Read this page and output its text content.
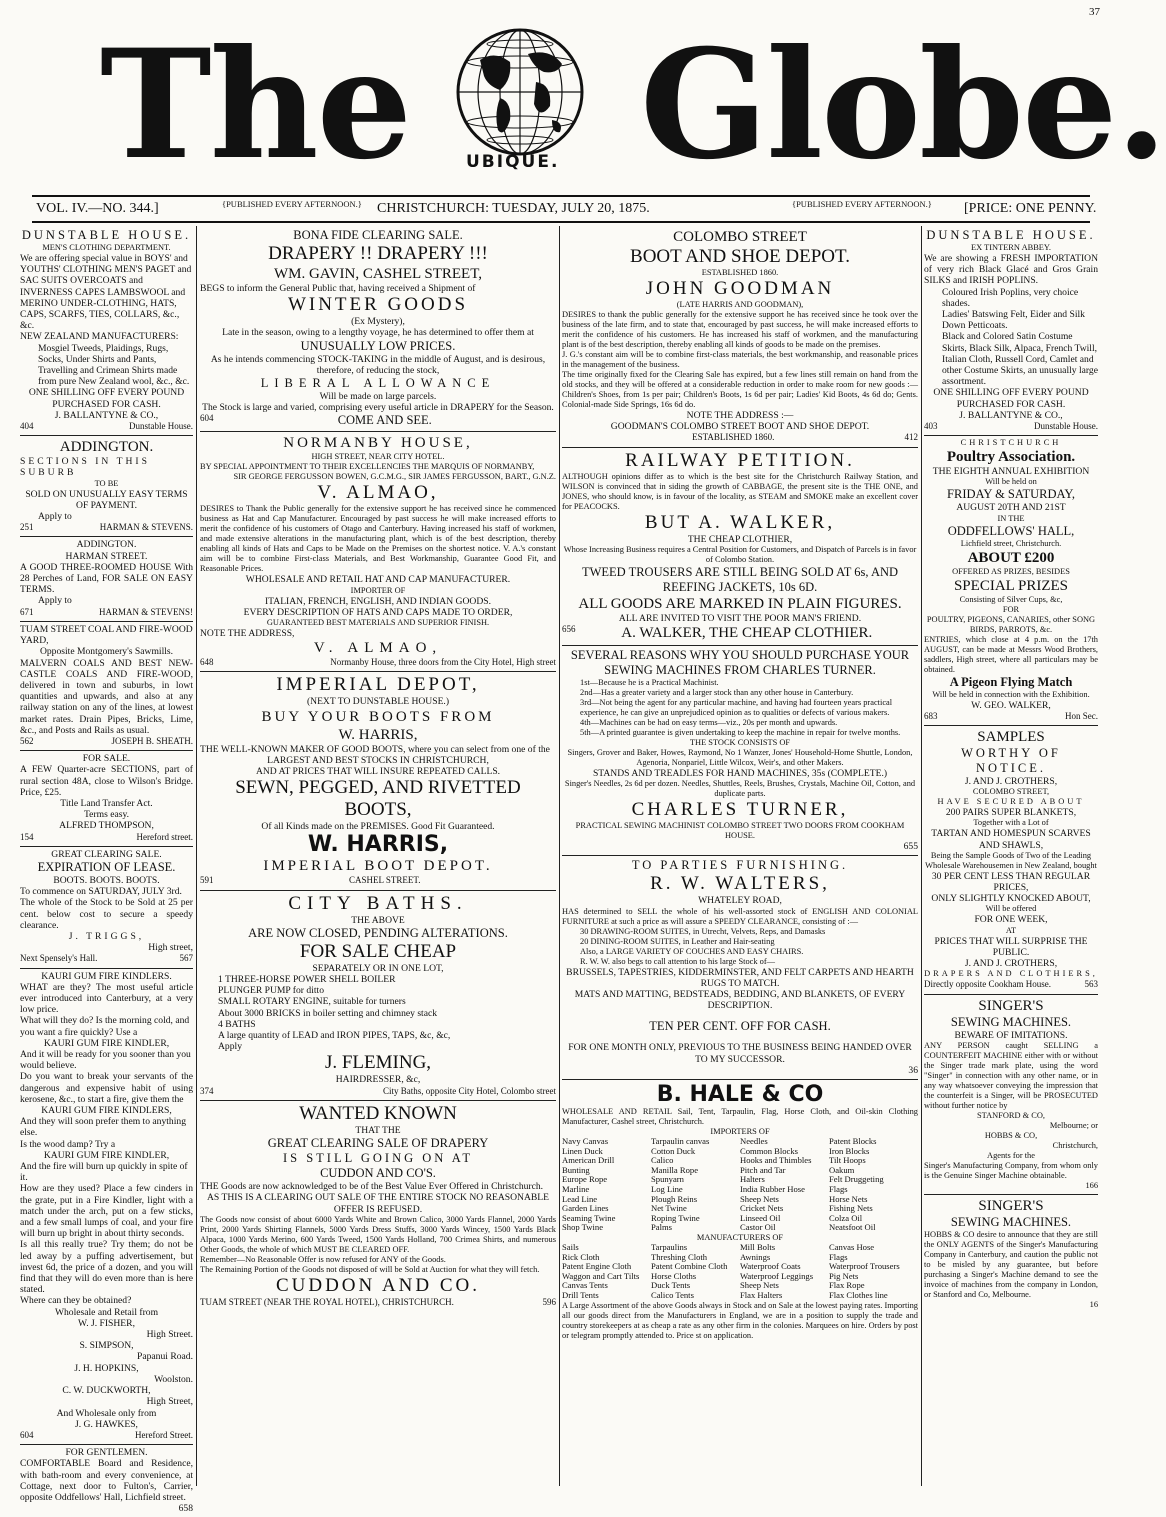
37
The	UBIQUE. Globe.
VOL. IV.—NO. 344.]	{PUBLISHED EVERY AFTERNOON.} CHRISTCHURCH: TUESDAY, JULY 20, 1875.	{PUBLISHED EVERY AFTERNOON.} [PRICE: ONE PENNY.
DUNSTABLE HOUSE.
MEN'S CLOTHING DEPARTMENT.

We are offering special value in BOYS' and YOUTHS' CLOTHING MEN'S PAGET and SAC SUITS OVERCOATS and INVERNESS CAPES LAMBSWOOL and MERINO UNDER-CLOTHING, HATS, CAPS, SCARFS, TIES, COLLARS, &c., &c.

NEW ZEALAND MANUFACTURERS:

Mosgiel Tweeds, Plaidings, Rugs, Socks, Under Shirts and Pants, Travelling and Crimean Shirts made from pure New Zealand wool, &c., &c.

ONE SHILLING OFF EVERY POUND PURCHASED FOR CASH.

J. BALLANTYNE & CO.,

404	Dunstable House.
ADDINGTON.

SECTIONS IN THIS SUBURB

TO BE

SOLD ON UNUSUALLY EASY TERMS OF PAYMENT.

Apply to

251	HARMAN & STEVENS.
ADDINGTON.
HARMAN STREET.

A GOOD THREE-ROOMED HOUSE With 28 Perches of Land, FOR SALE ON EASY TERMS.

Apply to

671	HARMAN & STEVENS!

TUAM STREET COAL AND FIRE-WOOD YARD,

Opposite Montgomery's Sawmills.

MALVERN COALS AND BEST NEW-CASTLE COALS AND FIRE-WOOD, delivered in town and suburbs, in lowt quantities and upwards, and also at any railway station on any of the lines, at lowest market rates. Drain Pipes, Bricks, Lime, &c., and Posts and Rails as usual.

562	JOSEPH B. SHEATH.

FOR SALE.

A FEW Quarter-acre SECTIONS, part of rural section 48A, close to Wilson's Bridge. Price, £25.

Title Land Transfer Act.

Terms easy.

ALFRED THOMPSON,

154	Hereford street.

GREAT CLEARING SALE.

EXPIRATION OF LEASE.

BOOTS. BOOTS. BOOTS.

To commence on SATURDAY, JULY 3rd.

The whole of the Stock to be Sold at 25 per cent. below cost to secure a speedy clearance.

J. TRIGGS,

High street,

Next Spensely's Hall.	567

KAURI GUM FIRE KINDLERS.

WHAT are they? The most useful article ever introduced into Canterbury, at a very low price.

What will they do? Is the morning cold, and you want a fire quickly? Use a

KAURI GUM FIRE KINDLER,

And it will be ready for you sooner than you would believe.

Do you want to break your servants of the dangerous and expensive habit of using kerosene, &c., to start a fire, give them the

KAURI GUM FIRE KINDLERS,

And they will soon prefer them to anything else.

Is the wood damp? Try a

KAURI GUM FIRE KINDLER,

And the fire will burn up quickly in spite of it.

How are they used? Place a few cinders in the grate, put in a Fire Kindler, light with a match under the arch, put on a few sticks, and a few small lumps of coal, and your fire will burn up bright in about thirty seconds.

Is all this really true? Try them; do not be led away by a puffing advertisement, but invest 6d, the price of a dozen, and you will find that they will do even more than is here stated.

Where can they be obtained?

Wholesale and Retail from

W. J. FISHER,

High Street.

S. SIMPSON,

Papanui Road.

J. H. HOPKINS,

Woolston.

C. W. DUCKWORTH,

High Street,

And Wholesale only from

J. G. HAWKES,

604	Hereford Street.

FOR GENTLEMEN.

COMFORTABLE Board and Residence, with bath-room and every convenience, at Cottage, next door to Fulton's, Carrier, opposite Oddfellows' Hall, Lichfield street.

658

BONA FIDE CLEARING SALE.

DRAPERY !! DRAPERY !!!

WM. GAVIN, CASHEL STREET,

BEGS to inform the General Public that, having received a Shipment of

WINTER GOODS

(Ex Mystery),

Late in the season, owing to a lengthy voyage, he has determined to offer them at

UNUSUALLY LOW PRICES.

As he intends commencing STOCK-TAKING in the middle of August, and is desirous, therefore, of reducing the stock,

LIBERAL ALLOWANCE

Will be made on large parcels.

The Stock is large and varied, comprising every useful article in DRAPERY for the Season.

604	COME AND SEE.

NORMANBY HOUSE,

HIGH STREET, NEAR CITY HOTEL.

BY SPECIAL APPOINTMENT TO THEIR EXCELLENCIES THE MARQUIS OF NORMANBY,

SIR GEORGE FERGUSSON BOWEN, G.C.M.G., SIR JAMES FERGUSSON, BART., G.N.Z.

V. ALMAO,

DESIRES to Thank the Public generally for the extensive support he has received since he commenced business as Hat and Cap Manufacturer. Encouraged by past success he will make increased efforts to merit the confidence of his customers of Otago and Canterbury. Having increased his staff of workmen, and made extensive alterations in the manufacturing plant, which is of the best description, thereby enabling all kinds of Hats and Caps to be Made on the Premises on the shortest notice. V. A.'s constant aim will be to combine First-class Materials, and Best Workmanship, Guarantee Good Fit, and Reasonable Prices.

WHOLESALE AND RETAIL HAT AND CAP MANUFACTURER.

IMPORTER OF

ITALIAN, FRENCH, ENGLISH, AND INDIAN GOODS.

EVERY DESCRIPTION OF HATS AND CAPS MADE TO ORDER,

GUARANTEED BEST MATERIALS AND SUPERIOR FINISH.

NOTE THE ADDRESS,

V. ALMAO,

648	Normanby House, three doors from the City Hotel, High street

IMPERIAL DEPOT,

(NEXT TO DUNSTABLE HOUSE.)

BUY YOUR BOOTS FROM

W. HARRIS,

THE WELL-KNOWN MAKER OF GOOD BOOTS, where you can select from one of the

LARGEST AND BEST STOCKS IN CHRISTCHURCH,

AND AT PRICES THAT WILL INSURE REPEATED CALLS.

SEWN, PEGGED, AND RIVETTED BOOTS,

Of all Kinds made on the PREMISES. Good Fit Guaranteed.

W. HARRIS,

IMPERIAL BOOT DEPOT.

591	CASHEL STREET.

CITY BATHS.

THE ABOVE

ARE NOW CLOSED, PENDING ALTERATIONS.

FOR SALE CHEAP

SEPARATELY OR IN ONE LOT,

1 THREE-HORSE POWER SHELL BOILER

PLUNGER PUMP for ditto

SMALL ROTARY ENGINE, suitable for turners

About 3000 BRICKS in boiler setting and chimney stack

4 BATHS

A large quantity of LEAD and IRON PIPES, TAPS, &c, &c,

Apply

J. FLEMING,

HAIRDRESSER, &c,

374	City Baths, opposite City Hotel, Colombo street

WANTED KNOWN

THAT THE

GREAT CLEARING SALE OF DRAPERY

IS STILL GOING ON AT

CUDDON AND CO'S.

THE Goods are now acknowledged to be of the Best Value Ever Offered in Christchurch.

AS THIS IS A CLEARING OUT SALE OF THE ENTIRE STOCK NO REASONABLE OFFER IS REFUSED.

The Goods now consist of about 6000 Yards White and Brown Calico, 3000 Yards Flannel, 2000 Yards Print, 2000 Yards Shirting Flannels, 5000 Yards Dress Stuffs, 3000 Yards Wincey, 1500 Yards Black Alpaca, 1000 Yards Merino, 600 Yards Tweed, 1500 Yards Holland, 700 Crimea Shirts, and numerous Other Goods, the whole of which MUST BE CLEARED OFF.

Remember—No Reasonable Offer is now refused for ANY of the Goods.

The Remaining Portion of the Goods not disposed of will be Sold at Auction for what they will fetch.

CUDDON AND CO.

TUAM STREET (NEAR THE ROYAL HOTEL), CHRISTCHURCH.	596

COLOMBO STREET

BOOT AND SHOE DEPOT.

ESTABLISHED 1860.

JOHN GOODMAN

(LATE HARRIS AND GOODMAN),

DESIRES to thank the public generally for the extensive support he has received since he took over the business of the late firm, and to state that, encouraged by past success, he will make increased efforts to merit the confidence of his customers. He has increased his staff of workmen, and the manufacturing plant is of the best description, thereby enabling all kinds of goods to be made on the premises.

J. G.'s constant aim will be to combine first-class materials, the best workmanship, and reasonable prices in the management of the business.

The time originally fixed for the Clearing Sale has expired, but a few lines still remain on hand from the old stocks, and they will be offered at a considerable reduction in order to make room for new goods :—Children's Shoes, from 1s per pair; Children's Boots, 1s 6d per pair; Ladies' Kid Boots, 4s 6d do; Gents. Colonial-made Side Springs, 16s 6d do.

NOTE THE ADDRESS :—

GOODMAN'S COLOMBO STREET BOOT AND SHOE DEPOT.

ESTABLISHED 1860.	412

RAILWAY PETITION.

ALTHOUGH opinions differ as to which is the best site for the Christchurch Railway Station, and WILSON is convinced that in siding the growth of CABBAGE, the present site is the THE ONE, and JONES, who should know, is in favour of the locality, as STEAM and SMOKE make an excellent cover for PEACOCKS.

BUT A. WALKER,

THE CHEAP CLOTHIER,

Whose Increasing Business requires a Central Position for Customers, and Dispatch of Parcels is in favor of Colombo Station.

TWEED TROUSERS ARE STILL BEING SOLD AT 6s, AND REEFING JACKETS, 10s 6D.

ALL GOODS ARE MARKED IN PLAIN FIGURES.

ALL ARE INVITED TO VISIT THE POOR MAN'S FRIEND.

656	A. WALKER, THE CHEAP CLOTHIER.

SEVERAL REASONS WHY YOU SHOULD PURCHASE YOUR SEWING MACHINES FROM CHARLES TURNER.

1st—Because he is a Practical Machinist.

2nd—Has a greater variety and a larger stock than any other house in Canterbury.

3rd—Not being the agent for any particular machine, and having had fourteen years practical experience, he can give an unprejudiced opinion as to qualities or defects of various makers.

4th—Machines can be had on easy terms—viz., 20s per month and upwards.

5th—A printed guarantee is given undertaking to keep the machine in repair for twelve months.

THE STOCK CONSISTS OF

Singers, Grover and Baker, Howes, Raymond, No 1 Wanzer, Jones' Household-Home Shuttle, London, Agenoria, Nonpariel, Little Wilcox, Weir's, and other Makers.

STANDS AND TREADLES FOR HAND MACHINES, 35s (COMPLETE.)

Singer's Needles, 2s 6d per dozen. Needles, Shuttles, Reels, Brushes, Crystals, Machine Oil, Cotton, and duplicate parts.

CHARLES TURNER,

PRACTICAL SEWING MACHINIST COLOMBO STREET TWO DOORS FROM COOKHAM HOUSE.

655

TO PARTIES FURNISHING.

R. W. WALTERS,

WHATELEY ROAD,

HAS determined to SELL the whole of his well-assorted stock of ENGLISH AND COLONIAL FURNITURE at such a price as will assure a SPEEDY CLEARANCE, consisting of :—

30 DRAWING-ROOM SUITES, in Utrecht, Velvets, Reps, and Damasks

20 DINING-ROOM SUITES, in Leather and Hair-seating

Also, a LARGE VARIETY OF COUCHES AND EASY CHAIRS.

R. W. W. also begs to call attention to his large Stock of—

BRUSSELS, TAPESTRIES, KIDDERMINSTER, AND FELT CARPETS AND HEARTH RUGS TO MATCH.

MATS AND MATTING, BEDSTEADS, BEDDING, AND BLANKETS, OF EVERY DESCRIPTION.

TEN PER CENT. OFF FOR CASH.

FOR ONE MONTH ONLY, PREVIOUS TO THE BUSINESS BEING HANDED OVER TO MY SUCCESSOR.

36

B. HALE & CO

WHOLESALE AND RETAIL Sail, Tent, Tarpaulin, Flag, Horse Cloth, and Oil-skin Clothing Manufacturer, Cashel street, Christchurch.

IMPORTERS OF

Navy Canvas	Tarpaulin canvas	Needles	Patent Blocks
Linen Duck	Cotton Duck	Common Blocks	Iron Blocks
American Drill	Calico	Hooks and Thimbles	Tilt Hoops
Bunting	Manilla Rope	Pitch and Tar	Oakum
Europe Rope	Spunyarn	Halters	Felt Druggeting
Marline	Log Line	India Rubber Hose	Flags
Lead Line	Plough Reins	Sheep Nets	Horse Nets
Garden Lines	Net Twine	Cricket Nets	Fishing Nets
Seaming Twine	Roping Twine	Linseed Oil	Colza Oil
Shop Twine	Palms	Castor Oil	Neatsfoot Oil

MANUFACTURERS OF

Sails	Tarpaulins	Mill Bolts	Canvas Hose
Rick Cloth	Threshing Cloth	Awnings	Flags
Patent Engine Cloth	Patent Combine Cloth	Waterproof Coats	Waterproof Trousers
Waggon and Cart Tilts	Horse Cloths	Waterproof Leggings	Pig Nets
Canvas Tents	Duck Tents	Sheep Nets	Flax Rope
Drill Tents	Calico Tents	Flax Halters	Flax Clothes line

A Large Assortment of the above Goods always in Stock and on Sale at the lowest paying rates. Importing all our goods direct from the Manufacturers in England, we are in a position to supply the trade and country storekeepers at as cheap a rate as any other firm in the colonies. Marquees on hire. Orders by post or telegram promptly attended to. Price st on application.

DUNSTABLE HOUSE.

EX TINTERN ABBEY.

We are showing a FRESH IMPORTATION of very rich Black Glacé and Gros Grain SILKS and IRISH POPLINS.

Coloured Irish Poplins, very choice shades.

Ladies' Batswing Felt, Eider and Silk Down Petticoats.

Black and Colored Satin Costume Skirts, Black Silk, Alpaca, French Twill, Italian Cloth, Russell Cord, Camlet and other Costume Skirts, an unusually large assortment.

ONE SHILLING OFF EVERY POUND PURCHASED FOR CASH.

J. BALLANTYNE & CO.,

403	Dunstable House.

CHRISTCHURCH

Poultry Association.

THE EIGHTH ANNUAL EXHIBITION

Will be held on

FRIDAY & SATURDAY,

AUGUST 20TH AND 21ST

IN THE

ODDFELLOWS' HALL,

Lichfield street, Christchurch.

ABOUT £200

OFFERED AS PRIZES, BESIDES

SPECIAL PRIZES

Consisting of Silver Cups, &c,

FOR

POULTRY, PIGEONS, CANARIES, other SONG BIRDS, PARROTS, &c.

ENTRIES, which close at 4 p.m. on the 17th AUGUST, can be made at Messrs Wood Brothers, saddlers, High street, where all particulars may be obtained.

A Pigeon Flying Match

Will be held in connection with the Exhibition.

W. GEO. WALKER,

683	Hon Sec.

SAMPLES

WORTHY OF NOTICE.

J. AND J. CROTHERS,

COLOMBO STREET,

HAVE SECURED ABOUT

200 PAIRS SUPER BLANKETS,

Together with a Lot of

TARTAN AND HOMESPUN SCARVES AND SHAWLS,

Being the Sample Goods of Two of the Leading Wholesale Warehousemen in New Zealand, bought

30 PER CENT LESS THAN REGULAR PRICES,

ONLY SLIGHTLY KNOCKED ABOUT,

Will be offered

FOR ONE WEEK,

AT

PRICES THAT WILL SURPRISE THE PUBLIC.

J. AND J. CROTHERS,

DRAPERS AND CLOTHIERS,

Directly opposite Cookham House.	563

SINGER'S

SEWING MACHINES.

BEWARE OF IMITATIONS.

ANY PERSON caught SELLING a COUNTERFEIT MACHINE either with or without the Singer trade mark plate, using the word "Singer" in connection with any other name, or in any way whatsoever conveying the impression that the counterfeit is a Singer, will be PROSECUTED without further notice by

STANFORD & CO,

Melbourne; or

HOBBS & CO,

Christchurch,

Agents for the

Singer's Manufacturing Company, from whom only is the Genuine Singer Machine obtainable.

166

SINGER'S

SEWING MACHINES.

HOBBS & CO desire to announce that they are still the ONLY AGENTS of the Singer's Manufacturing Company in Canterbury, and caution the public not to be misled by any guarantee, but before purchasing a Singer's Machine demand to see the invoice of machines from the company in London, or Stanford and Co, Melbourne.

16
